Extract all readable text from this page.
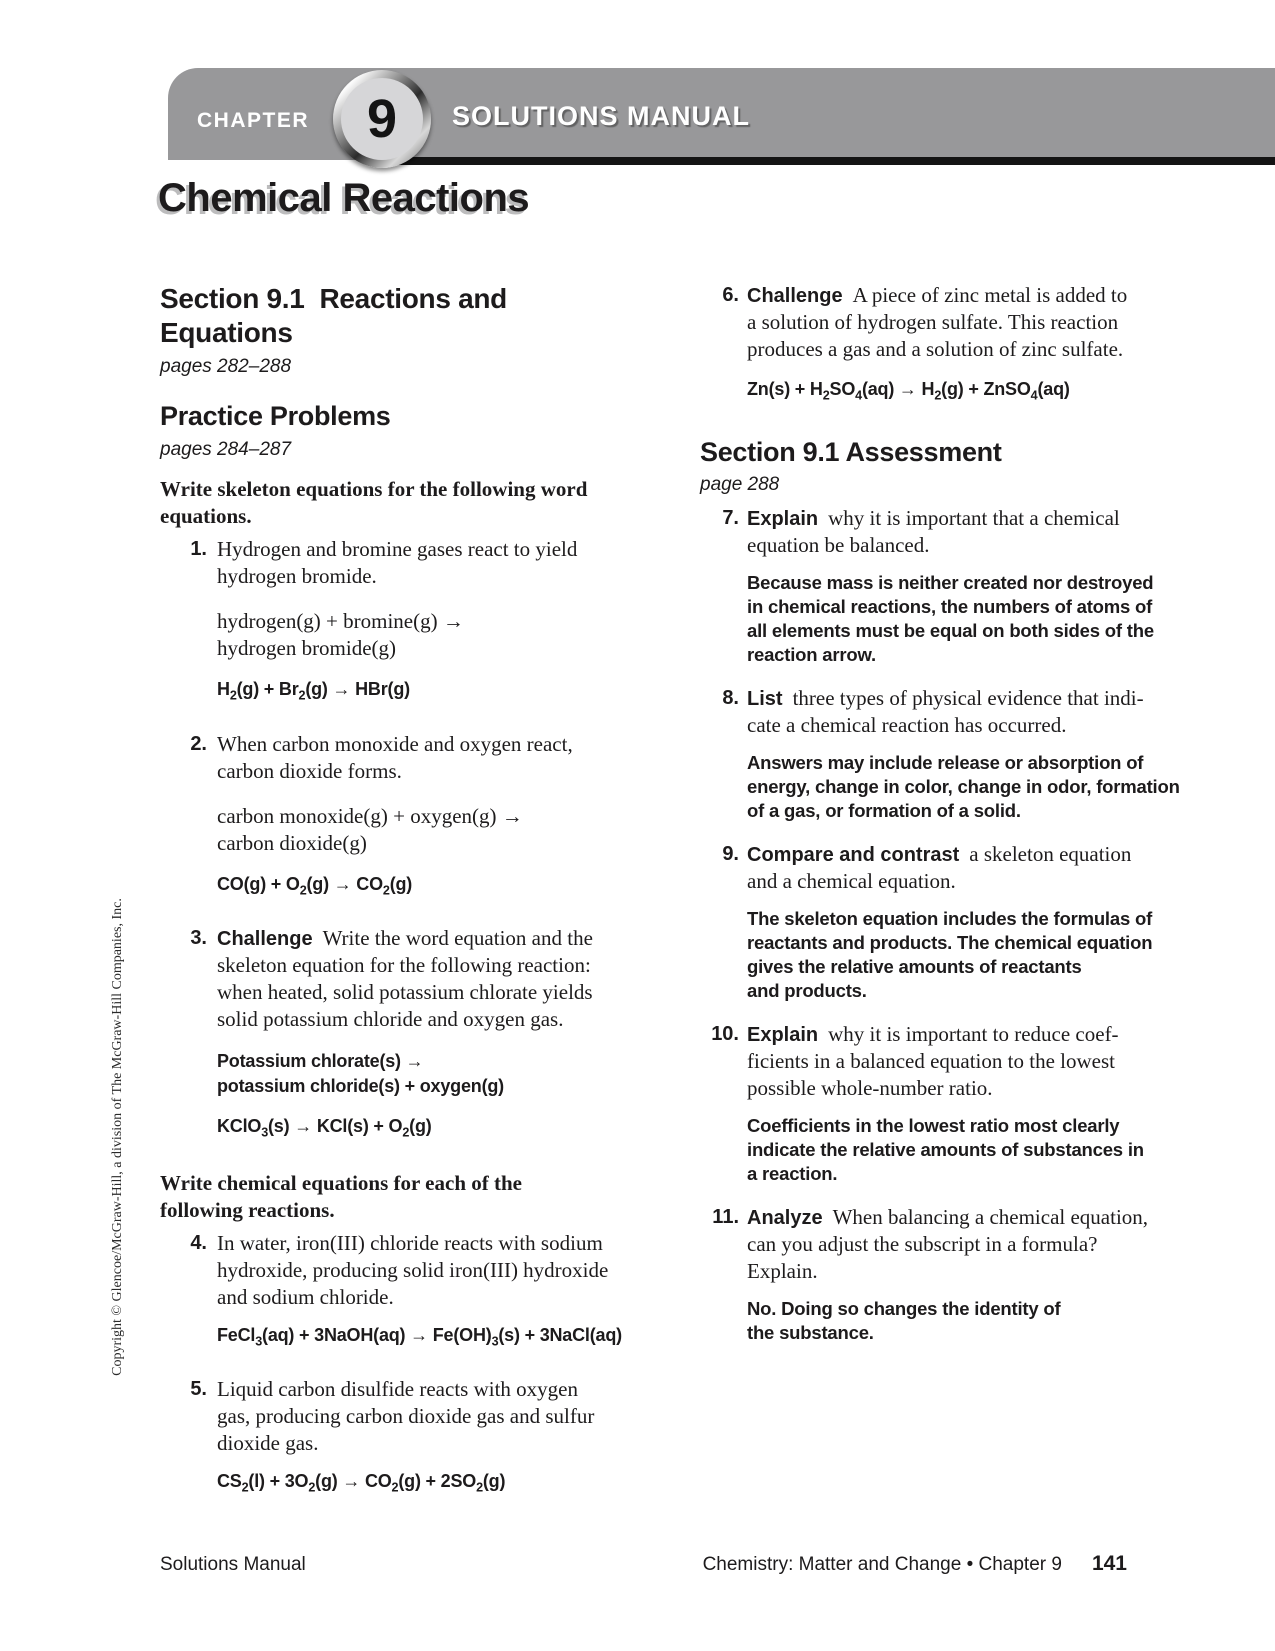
CHAPTER	9	SOLUTIONS MANUAL
Chemical Reactions
Copyright © Glencoe/McGraw-Hill, a division of The McGraw-Hill Companies, Inc.
Section 9.1  Reactions and
Equations
pages 282–288
Practice Problems
pages 284–287
Write skeleton equations for the following word
equations.
1. Hydrogen and bromine gases react to yield
hydrogen bromide.
hydrogen(g) + bromine(g) →
hydrogen bromide(g)
$H_2(g) + Br_2(g) \to HBr(g)$
2. When carbon monoxide and oxygen react,
carbon dioxide forms.
carbon monoxide(g) + oxygen(g) →
carbon dioxide(g)
$CO(g) + O_2(g) \to CO_2(g)$
3. Challenge Write the word equation and the
skeleton equation for the following reaction:
when heated, solid potassium chlorate yields
solid potassium chloride and oxygen gas.
Potassium chlorate(s) →
potassium chloride(s) + oxygen(g)
KClO$_3$(s) → $KCl(s) + O_2(g)$
Write chemical equations for each of the
following reactions.
4. In water, iron(III) chloride reacts with sodium
hydroxide, producing solid iron(III) hydroxide
and sodium chloride.
FeCl$_3$(aq) + 3NaOH(aq) → $Fe(OH)_3(s)$ + 3NaCl(aq)
5. Liquid carbon disulfide reacts with oxygen
gas, producing carbon dioxide gas and sulfur
dioxide gas.
$CS_2(l) + 3O_2(g) \to CO_2(g) + 2SO_2(g)$
6. Challenge A piece of zinc metal is added to
a solution of hydrogen sulfate. This reaction
produces a gas and a solution of zinc sulfate.
$Zn(s) + H_2SO_4(aq) \to H_2(g)$ + ZnSO$_4$(aq)
Section 9.1 Assessment
page 288
7. Explain why it is important that a chemical
equation be balanced.
Because mass is neither created nor destroyed
in chemical reactions, the numbers of atoms of
all elements must be equal on both sides of the
reaction arrow.
8. List three types of physical evidence that indi-
cate a chemical reaction has occurred.
Answers may include release or absorption of
energy, change in color, change in odor, formation
of a gas, or formation of a solid.
9. Compare and contrast a skeleton equation
and a chemical equation.
The skeleton equation includes the formulas of
reactants and products. The chemical equation
gives the relative amounts of reactants
and products.
10. Explain why it is important to reduce coef-
ficients in a balanced equation to the lowest
possible whole-number ratio.
Coefficients in the lowest ratio most clearly
indicate the relative amounts of substances in
a reaction.
11. Analyze When balancing a chemical equation,
can you adjust the subscript in a formula?
Explain.
No. Doing so changes the identity of
the substance.
Solutions Manual	Chemistry: Matter and Change • Chapter 9 141
